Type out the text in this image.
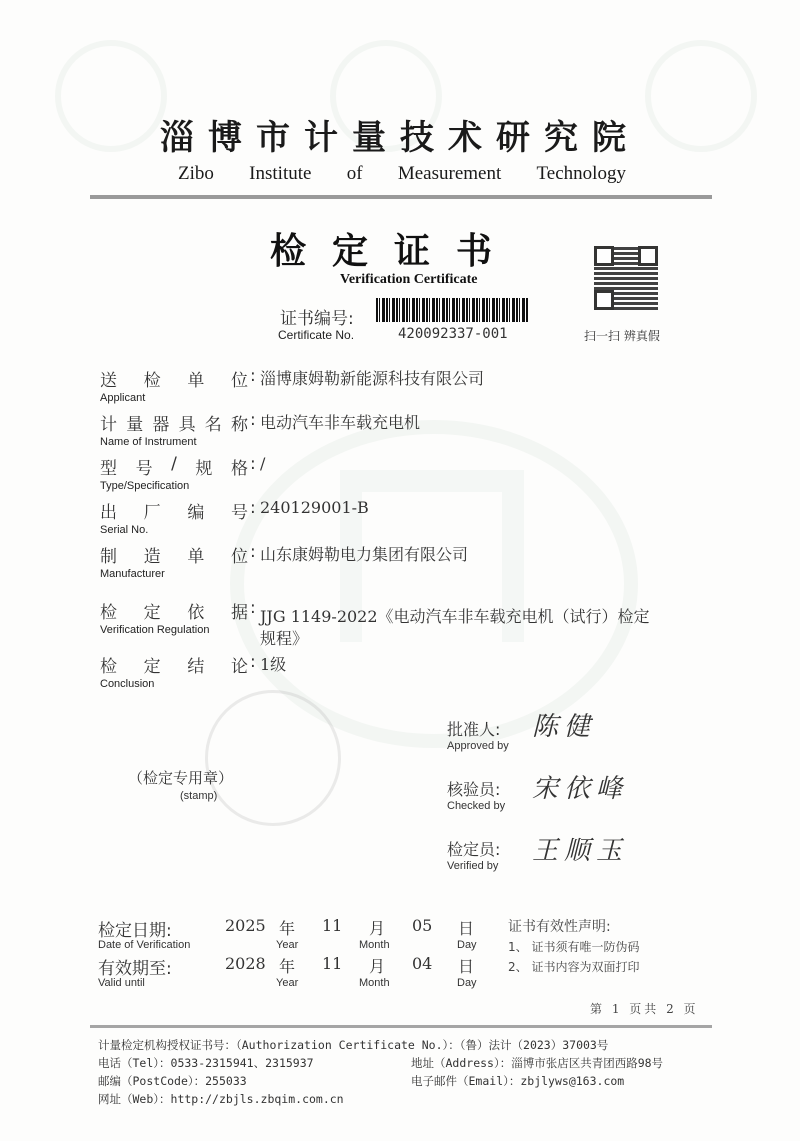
淄博市计量技术研究院
Zibo Institute of Measurement Technology
检定证书
Verification Certificate
证书编号:
Certificate No.	420092337-001	扫一扫 辨真假
送 检 单 位
Applicant
: 淄博康姆勒新能源科技有限公司
计 量 器 具 名 称
Name of Instrument
: 电动汽车非车载充电机
型 号 / 规 格
Type/Specification
: /
出 厂 编 号
Serial No.
: 240129001-B
制 造 单 位
Manufacturer
: 山东康姆勒电力集团有限公司
检 定 依 据
Verification Regulation
: JJG 1149-2022《电动汽车非车载充电机（试行）检定
规程》
检 定 结 论
Conclusion
: 1级
（检定专用章）
(stamp)
批准人:
Approved by
陈健
核验员:
Checked by
宋依峰
检定员:
Verified by 王顺玉
检定日期:
Date of Verification
2025 年
Year
11 月
Month
05 日
Day
有效期至:
Valid until
2028 年
Year
11 月
Month
04 日
Day
证书有效性声明:
1、 证书须有唯一防伪码
2、 证书内容为双面打印
第 1 页共 2 页
计量检定机构授权证书号：（Authorization Certificate No.）：（鲁）法计（2023）37003号
电话（Tel）：0533-2315941、2315937	地址（Address）：淄博市张店区共青团西路98号
邮编（PostCode）：255033	电子邮件（Email）：zbjlyws@163.com
网址（Web）：http://zbjls.zbqim.com.cn
